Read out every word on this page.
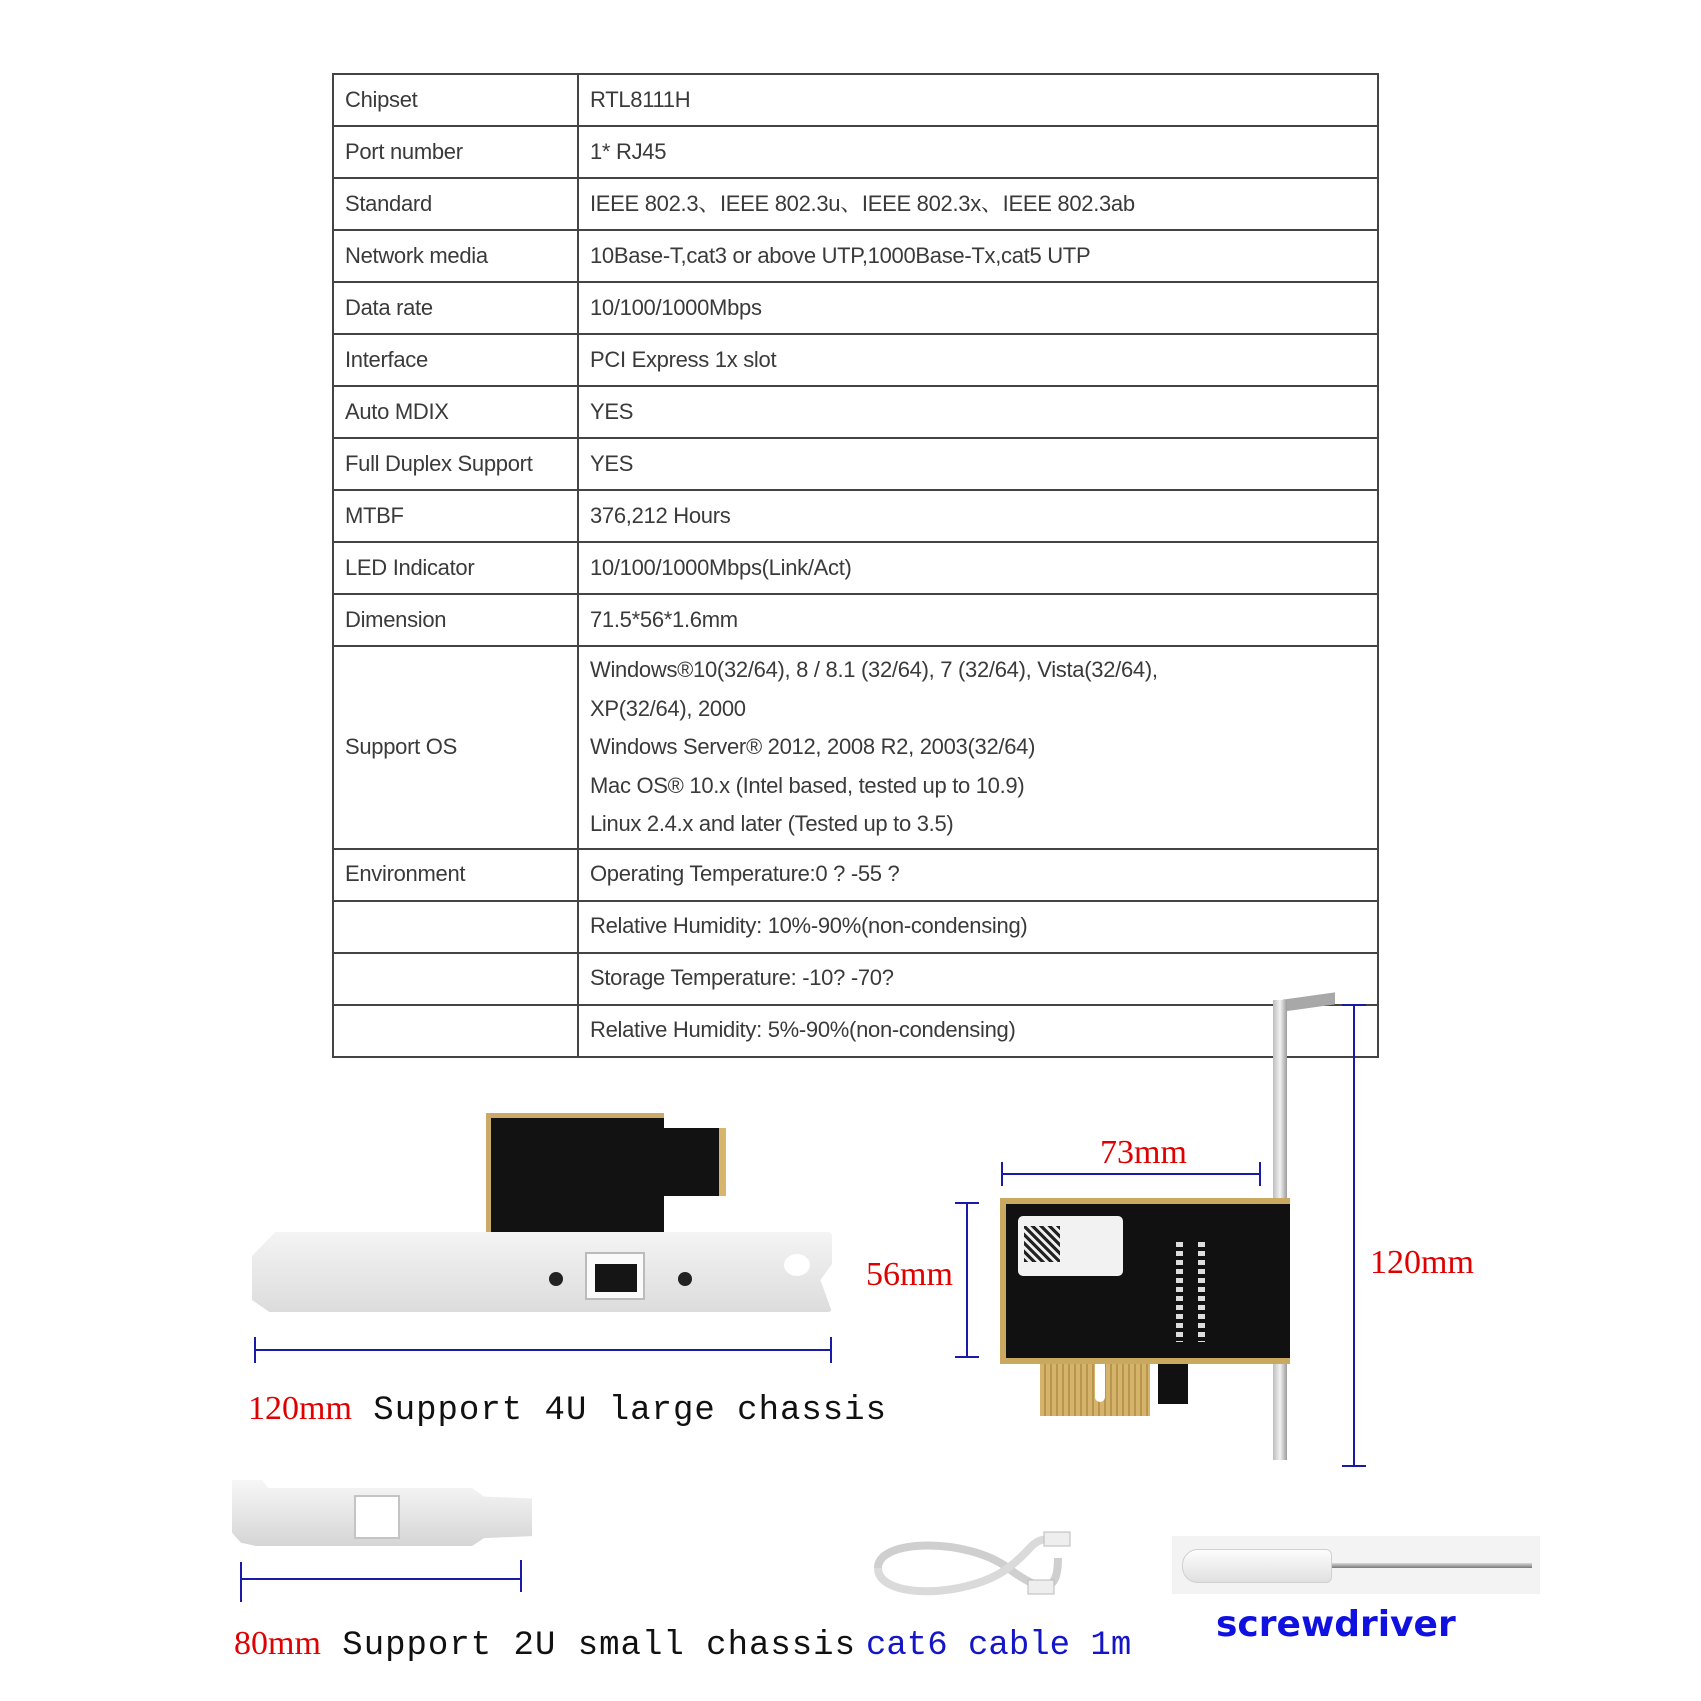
Chipset	RTL8111H
Port number	1* RJ45
Standard	IEEE 802.3、IEEE 802.3u、IEEE 802.3x、IEEE 802.3ab
Network media	10Base-T,cat3 or above UTP,1000Base-Tx,cat5 UTP
Data rate	10/100/1000Mbps
Interface	PCI Express 1x slot
Auto MDIX	YES
Full Duplex Support	YES
MTBF	376,212 Hours
LED Indicator	10/100/1000Mbps(Link/Act)
Dimension	71.5*56*1.6mm
Support OS	Windows®10(32/64), 8 / 8.1 (32/64), 7 (32/64), Vista(32/64),
XP(32/64), 2000
Windows Server® 2012, 2008 R2, 2003(32/64)
Mac OS® 10.x (Intel based, tested up to 10.9)
Linux 2.4.x and later (Tested up to 3.5)

Environment	Operating Temperature:0 ? -55 ?
	Relative Humidity: 10%-90%(non-condensing)
	Storage Temperature: -10? -70?
	Relative Humidity: 5%-90%(non-condensing)
120mm Support 4U large chassis
73mm
56mm	120mm
80mm Support 2U small chassis cat6 cable 1m
screwdriver
